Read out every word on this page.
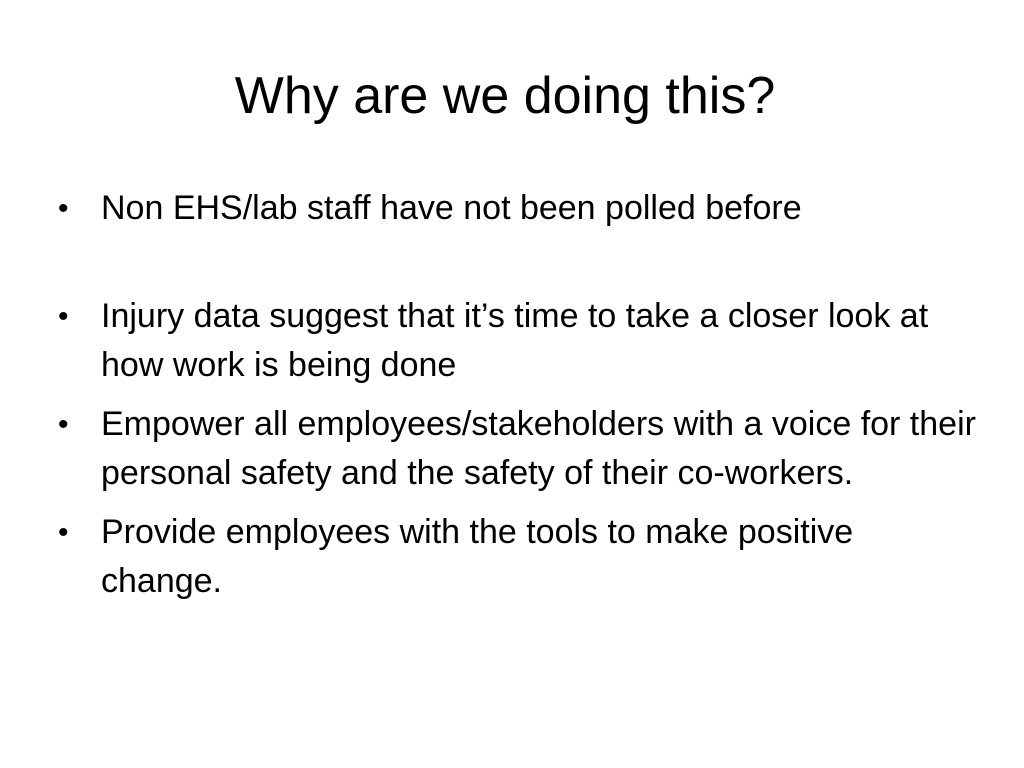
Why are we doing this?
• Non EHS/lab staff have not been polled before
• Injury data suggest that it’s time to take a closer look at how work is being done
• Empower all employees/stakeholders with a voice for their personal safety and the safety of their co-workers.
• Provide employees with the tools to make positive change.
